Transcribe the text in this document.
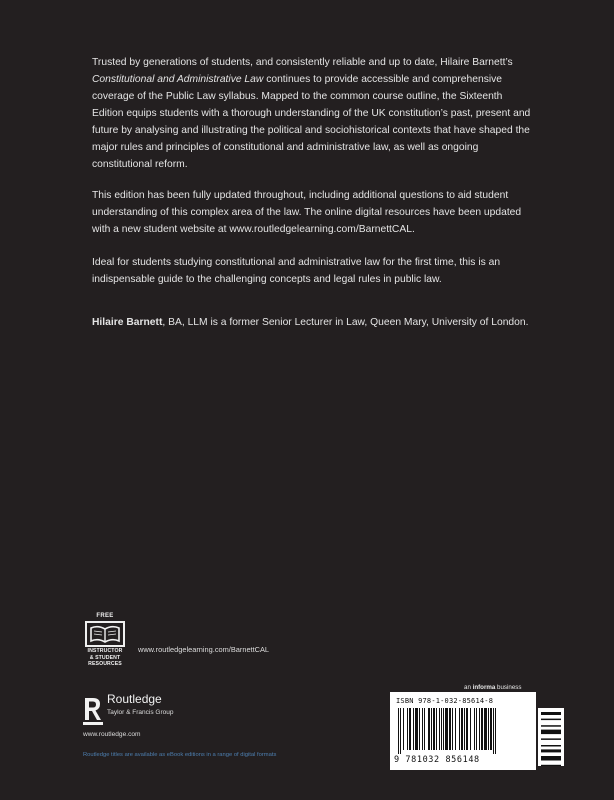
Trusted by generations of students, and consistently reliable and up to date, Hilaire Barnett’s Constitutional and Administrative Law continues to provide accessible and comprehensive coverage of the Public Law syllabus. Mapped to the common course outline, the Sixteenth Edition equips students with a thorough understanding of the UK constitution’s past, present and future by analysing and illustrating the political and sociohistorical contexts that have shaped the major rules and principles of constitutional and administrative law, as well as ongoing constitutional reform.

This edition has been fully updated throughout, including additional questions to aid student understanding of this complex area of the law. The online digital resources have been updated with a new student website at www.routledgelearning.com/BarnettCAL.

Ideal for students studying constitutional and administrative law for the first time, this is an indispensable guide to the challenging concepts and legal rules in public law.

Hilaire Barnett, BA, LLM is a former Senior Lecturer in Law, Queen Mary, University of London.

FREE
INSTRUCTOR
& STUDENT
RESOURCES
www.routledgelearning.com/BarnettCAL
Routledge
Taylor & Francis Group
www.routledge.com
Routledge titles are available as eBook editions in a range of digital formats
an informa business
ISBN 978-1-032-85614-8
9 781032 856148
